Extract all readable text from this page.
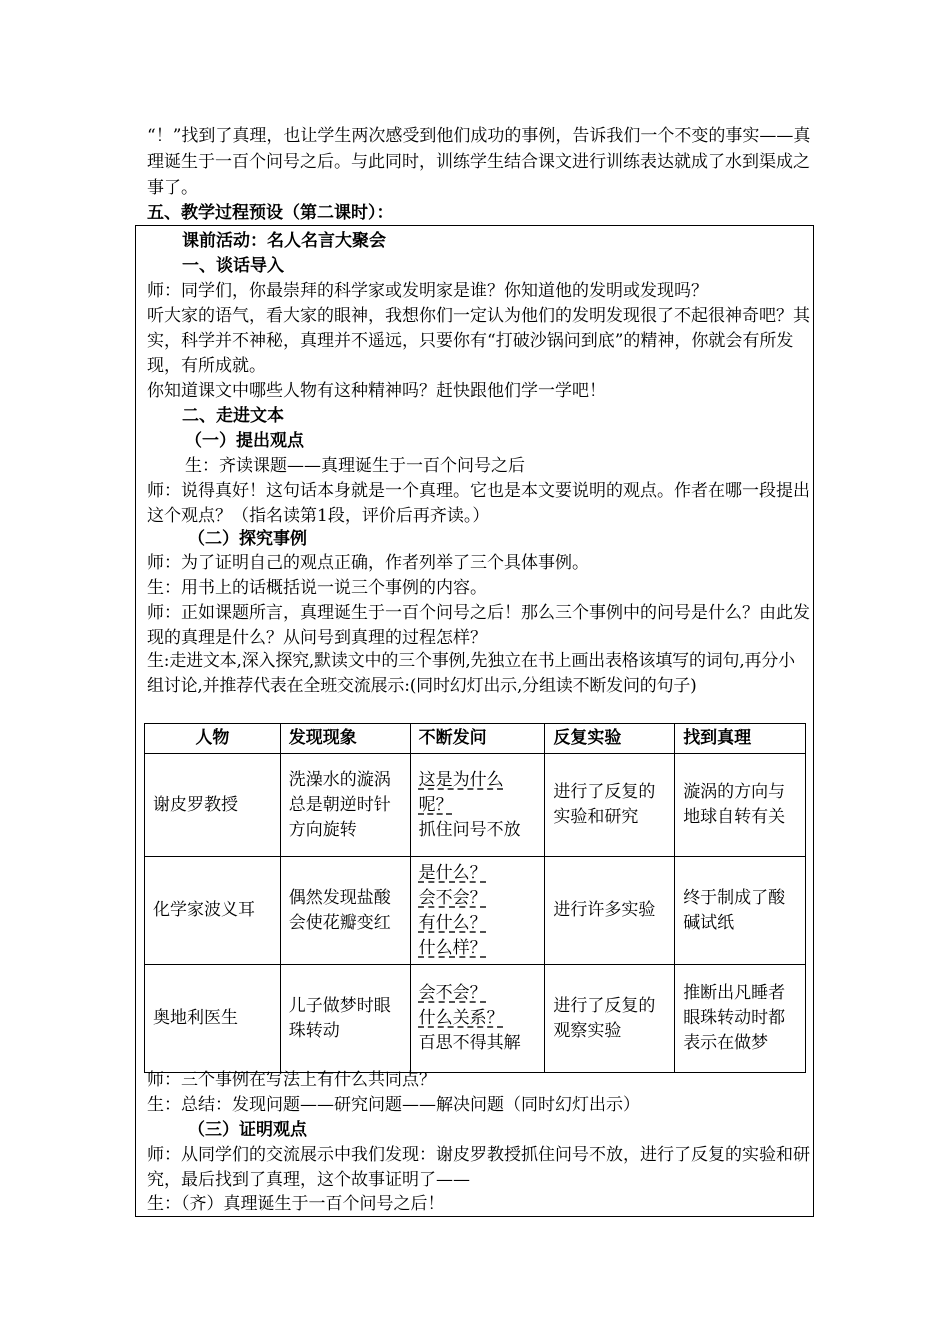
“！”找到了真理，也让学生两次感受到他们成功的事例，告诉我们一个不变的事实——真理诞生于一百个问号之后。与此同时，训练学生结合课文进行训练表达就成了水到渠成之事了。
五、教学过程预设（第二课时）：
课前活动：名人名言大聚会
一、谈话导入
师：同学们，你最崇拜的科学家或发明家是谁？你知道他的发明或发现吗？
听大家的语气，看大家的眼神，我想你们一定认为他们的发明发现很了不起很神奇吧？其实，科学并不神秘，真理并不遥远，只要你有“打破沙锅问到底”的精神，你就会有所发现，有所成就。
你知道课文中哪些人物有这种精神吗？赶快跟他们学一学吧！
二、走进文本
（一）提出观点
生：齐读课题——真理诞生于一百个问号之后
师：说得真好！这句话本身就是一个真理。它也是本文要说明的观点。作者在哪一段提出这个观点？（指名读第1段，评价后再齐读。）
（二）探究事例
师：为了证明自己的观点正确，作者列举了三个具体事例。
生：用书上的话概括说一说三个事例的内容。
师：正如课题所言，真理诞生于一百个问号之后！那么三个事例中的问号是什么？由此发现的真理是什么？从问号到真理的过程怎样？
生:走进文本,深入探究,默读文中的三个事例,先独立在书上画出表格该填写的词句,再分小组讨论,并推荐代表在全班交流展示:(同时幻灯出示,分组读不断发问的句子)
人物	发现现象	不断发问	反复实验	找到真理
谢皮罗教授	洗澡水的漩涡总是朝逆时针方向旋转	这是为什么呢？
抓住问号不放	进行了反复的实验和研究	漩涡的方向与地球自转有关
化学家波义耳	偶然发现盐酸会使花瓣变红	是什么？
会不会？
有什么？
什么样？	进行许多实验	终于制成了酸碱试纸
奥地利医生	儿子做梦时眼珠转动	会不会？
什么关系？
百思不得其解	进行了反复的观察实验	推断出凡睡者眼珠转动时都表示在做梦
师：三个事例在写法上有什么共同点？
生：总结：发现问题——研究问题——解决问题（同时幻灯出示）
（三）证明观点
师：从同学们的交流展示中我们发现：谢皮罗教授抓住问号不放，进行了反复的实验和研究，最后找到了真理，这个故事证明了——
生：（齐）真理诞生于一百个问号之后！
